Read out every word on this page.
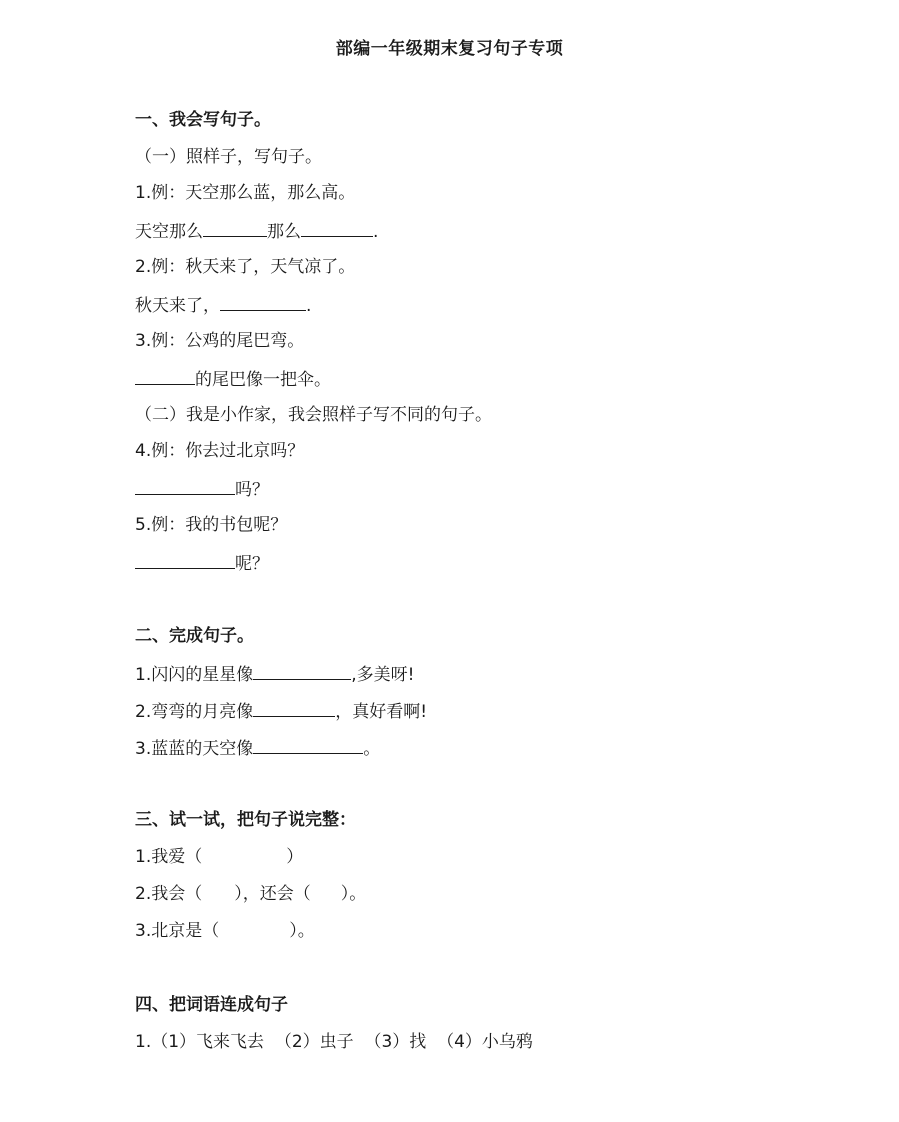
部编一年级期末复习句子专项
一、我会写句子。
（一）照样子，写句子。
1.例：天空那么蓝，那么高。
天空那么	那么	.
2.例：秋天来了，天气凉了。
秋天来了，	.
3.例：公鸡的尾巴弯。
的尾巴像一把伞。
（二）我是小作家，我会照样子写不同的句子。
4.例：你去过北京吗？
吗？
5.例：我的书包呢？
呢？
二、完成句子。
1.闪闪的星星像	,多美呀!
2.弯弯的月亮像	，真好看啊!
3.蓝蓝的天空像	。
三、试一试，把句子说完整：
1.我爱（	）
2.我会（ ），还会（ ）。
3.北京是（	）。
四、把词语连成句子
1.（1）飞来飞去  （2）虫子  （3）找  （4）小乌鸦
